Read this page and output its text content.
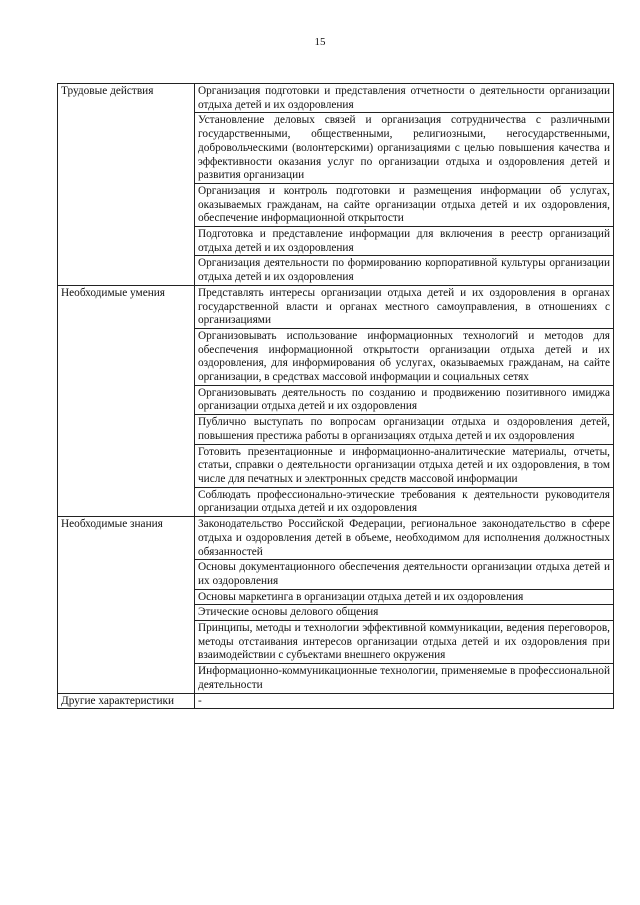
15
Трудовые действия	Организация подготовки и представления отчетности о деятельности организации отдыха детей и их оздоровления
	Установление деловых связей и организация сотрудничества с различными государственными, общественными, религиозными, негосударственными, добровольческими (волонтерскими) организациями с целью повышения качества и эффективности оказания услуг по организации отдыха и оздоровления детей и развития организации
	Организация и контроль подготовки и размещения информации об услугах, оказываемых гражданам, на сайте организации отдыха детей и их оздоровления, обеспечение информационной открытости
	Подготовка и представление информации для включения в реестр организаций отдыха детей и их оздоровления
	Организация деятельности по формированию корпоративной культуры организации отдыха детей и их оздоровления
Необходимые умения	Представлять интересы организации отдыха детей и их оздоровления в органах государственной власти и органах местного самоуправления, в отношениях с организациями
	Организовывать использование информационных технологий и методов для обеспечения информационной открытости организации отдыха детей и их оздоровления, для информирования об услугах, оказываемых гражданам, на сайте организации, в средствах массовой информации и социальных сетях
	Организовывать деятельность по созданию и продвижению позитивного имиджа организации отдыха детей и их оздоровления
	Публично выступать по вопросам организации отдыха и оздоровления детей, повышения престижа работы в организациях отдыха детей и их оздоровления
	Готовить презентационные и информационно-аналитические материалы, отчеты, статьи, справки о деятельности организации отдыха детей и их оздоровления, в том числе для печатных и электронных средств массовой информации
	Соблюдать профессионально-этические требования к деятельности руководителя организации отдыха детей и их оздоровления
Необходимые знания	Законодательство Российской Федерации, региональное законодательство в сфере отдыха и оздоровления детей в объеме, необходимом для исполнения должностных обязанностей
	Основы документационного обеспечения деятельности организации отдыха детей и их оздоровления
	Основы маркетинга в организации отдыха детей и их оздоровления
	Этические основы делового общения
	Принципы, методы и технологии эффективной коммуникации, ведения переговоров, методы отстаивания интересов организации отдыха детей и их оздоровления при взаимодействии с субъектами внешнего окружения
	Информационно-коммуникационные технологии, применяемые в профессиональной деятельности
Другие характеристики	-
